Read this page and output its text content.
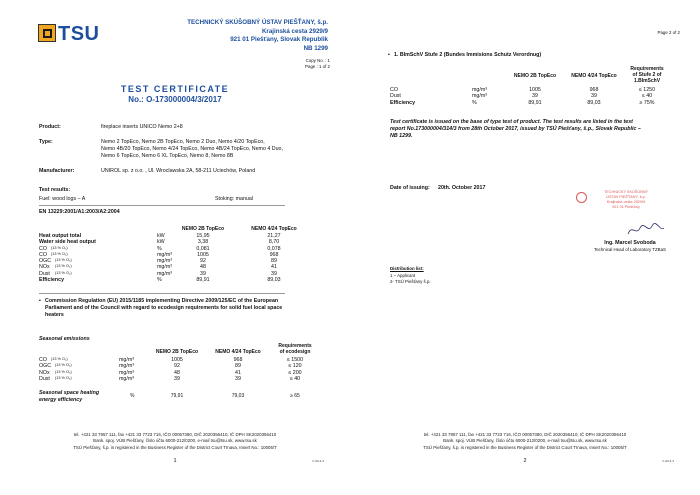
TSU
TECHNICKÝ SKÚŠOBNÝ ÚSTAV PIEŠŤANY, š.p.
Krajinská cesta 2929/9
921 01 Piešťany, Slovak Republik
NB 1299
Copy No. : 1
Page : 1 of 2
TEST CERTIFICATE
No.: O-173000004/3/2017
Product:	fireplace inserts UNICO Nemo 2+8
Type:	Nemo 2 TopEco, Nemo 2B TopEco, Nemo 2 Duo, Nemo 4/20 TopEco,
Nemo 4B/20 TopEco, Nemo 4/24 TopEco, Nemo 4B/24 TopEco, Nemo 4 Duo,
Nemo 6 TopEco, Nemo 6 XL TopEco, Nemo 8, Nemo 8B
Manufacturer:	UNIROL sp. z o.o. , Ul. Wroclawska 2A, 58-211 Uciechów, Poland
Test results:
Fuel: wood logs – A	Stoking: manual
EN 13229:2001/A1:2003/A2:2004
NEMO 2B TopEco	NEMO 4/24 TopEco
Heat output total	kW	15,95	21,27
Water side heat output	kW	3,38	8,70
CO (13 % O₂)	%	0,081	0,078
CO (13 % O₂)	mg/m³	1005	968
OGC (13 % O₂)	mg/m³	92	89
NOx (13 % O₂)	mg/m³	48	41
Dust (13 % O₂)	mg/m³	39	39
Efficiency	%	89,91	89,03
▪ Commission Regulation (EU) 2015/1185 implementing Directive 2009/125/EC of the European
Parliament and of the Council with regard to ecodesign requirements for solid fuel local space
heaters
Seasonal emissions
NEMO 2B TopEco	NEMO 4/24 TopEco
Requirements
of ecodesign
CO (13 % O₂)	mg/m³	1005	968	≤ 1500
OGC (13 % O₂)	mg/m³	92	89	≤ 120
NOx (13 % O₂)	mg/m³	48	41	≤ 200
Dust (13 % O₂)	mg/m³	39	39	≤ 40
Seasonal space heating
energy efficiency
%	79,91	79,03	≥ 65
tel. +421 33 7957 111, fax +421 33 7723 716, IČO 00057380, DIČ 2020356410, IČ DPH SK2020356410
Bank. spoj. VÚB Piešťany, číslo účtu 6000-212/0200, e-mail tsu@tsu.sk, www.tsu.sk
TSÚ Piešťany, š.p. is registered in the Business Register of the District Court Trnava, Insert No.: 10005/T
1	F-60-4-3
Page 2 of 2
▪ 1. BImSchV Stufe 2 (Bundes Immisions Schutz Verordnug)
NEMO 2B TopEco	NEMO 4/24 TopEco
Requirements
of Stufe 2 of
1.BImSchV
CO	mg/m³	1005	968	≤ 1250
Dust	mg/m³	39	39	≤ 40
Efficiency	%	89,91	89,03	≥ 75%
Test certificate is issued on the base of type test of product. The test results are listed in the test
report No.173000004/314/3 from 28th October 2017, issued by TSÚ Piešťany, š.p., Slovak Republic –
NB 1299.
Date of issuing: 20th. October 2017
TECHNICKÝ SKÚŠOBNÝ
ÚSTAV PIEŠŤANY, š.p.
Krajinská cesta 2929/9
921 01 Piešťany
Ing. Marcel Svoboda
Technical Head of Laboratory TZBaS
Distribution list:
1 – Applicant
2- TSÚ Piešťany š.p.
tel. +421 33 7957 111, fax +421 33 7723 716, IČO 00057380, DIČ 2020356410, IČ DPH SK2020356410
Bank. spoj. VÚB Piešťany, číslo účtu 6000-212/0200, e-mail tsu@tsu.sk, www.tsu.sk
TSÚ Piešťany, š.p. is registered in the Business Register of the District Court Trnava, Insert No.: 10005/T
2	F-60-4-3
